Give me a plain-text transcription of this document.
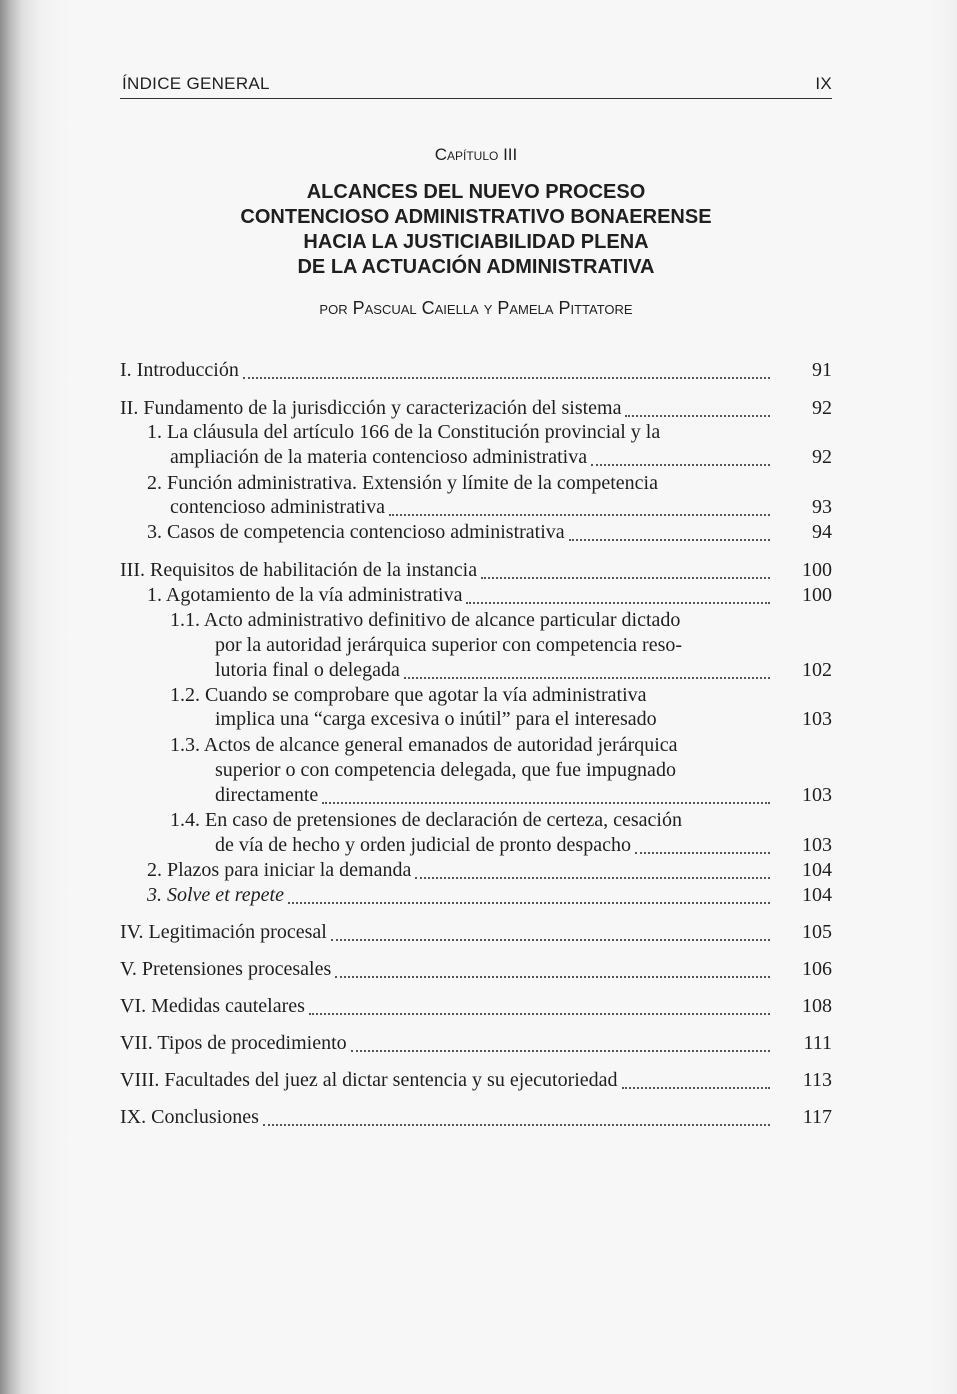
ÍNDICE GENERAL	IX
Capítulo III
ALCANCES DEL NUEVO PROCESO
CONTENCIOSO ADMINISTRATIVO BONAERENSE
HACIA LA JUSTICIABILIDAD PLENA
DE LA ACTUACIÓN ADMINISTRATIVA
por Pascual Caiella y Pamela Pittatore
I. Introducción	91
II. Fundamento de la jurisdicción y caracterización del sistema	92
1. La cláusula del artículo 166 de la Constitución provincial y la
ampliación de la materia contencioso administrativa	92
2. Función administrativa. Extensión y límite de la competencia
contencioso administrativa	93
3. Casos de competencia contencioso administrativa	94
III. Requisitos de habilitación de la instancia	100
1. Agotamiento de la vía administrativa	100
1.1. Acto administrativo definitivo de alcance particular dictado
por la autoridad jerárquica superior con competencia reso-
lutoria final o delegada	102
1.2. Cuando se comprobare que agotar la vía administrativa
implica una “carga excesiva o inútil” para el interesado	103
1.3. Actos de alcance general emanados de autoridad jerárquica
superior o con competencia delegada, que fue impugnado
directamente	103
1.4. En caso de pretensiones de declaración de certeza, cesación
de vía de hecho y orden judicial de pronto despacho	103
2. Plazos para iniciar la demanda	104
3. Solve et repete	104
IV. Legitimación procesal	105
V. Pretensiones procesales	106
VI. Medidas cautelares	108
VII. Tipos de procedimiento	111
VIII. Facultades del juez al dictar sentencia y su ejecutoriedad	113
IX. Conclusiones	117
